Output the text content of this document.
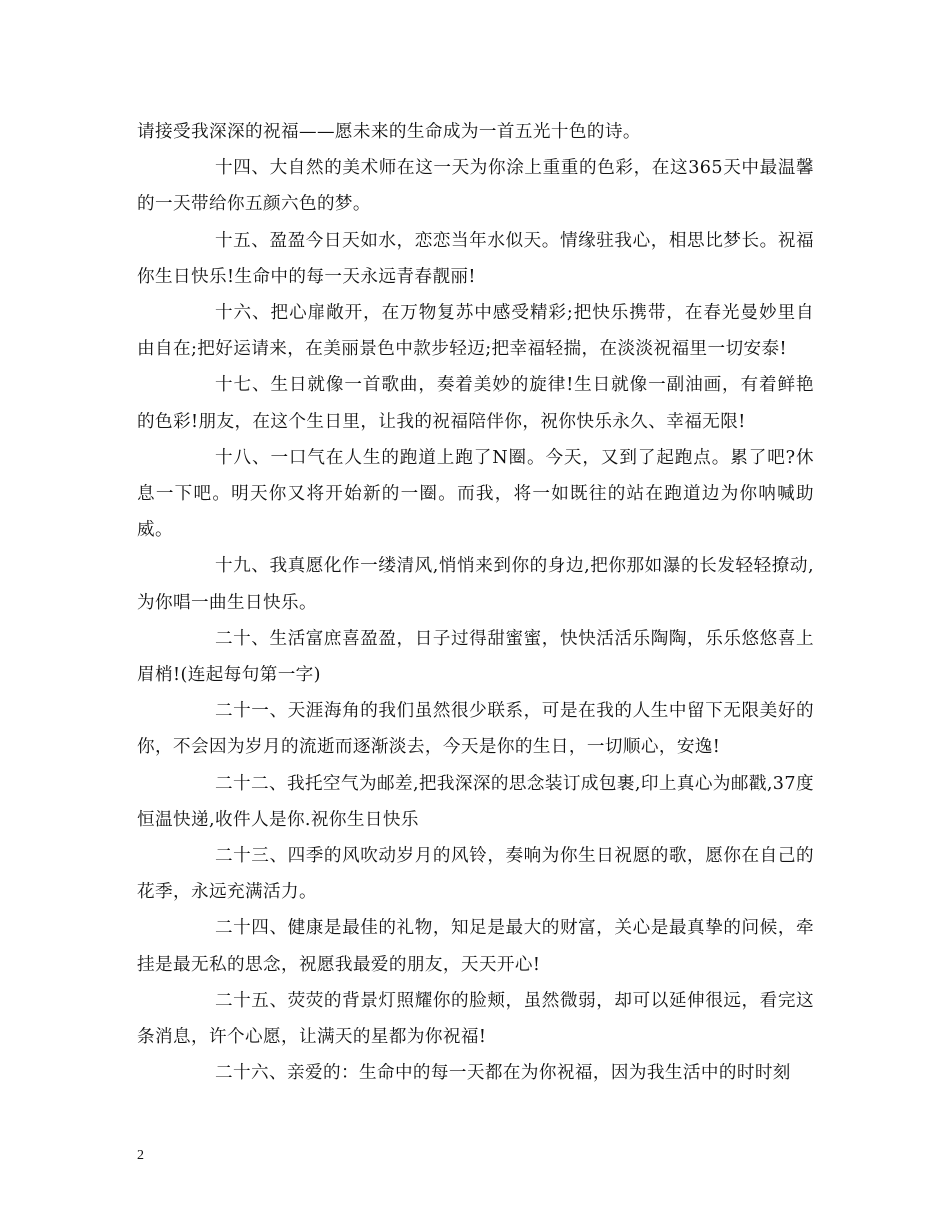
请接受我深深的祝福——愿未来的生命成为一首五光十色的诗。

十四、大自然的美术师在这一天为你涂上重重的色彩，在这365天中最温馨的一天带给你五颜六色的梦。

十五、盈盈今日天如水，恋恋当年水似天。情缘驻我心，相思比梦长。祝福你生日快乐!生命中的每一天永远青春靓丽!

十六、把心扉敞开，在万物复苏中感受精彩;把快乐携带，在春光曼妙里自由自在;把好运请来，在美丽景色中款步轻迈;把幸福轻揣，在淡淡祝福里一切安泰!

十七、生日就像一首歌曲，奏着美妙的旋律!生日就像一副油画，有着鲜艳的色彩!朋友，在这个生日里，让我的祝福陪伴你，祝你快乐永久、幸福无限!

十八、一口气在人生的跑道上跑了N圈。今天，又到了起跑点。累了吧?休息一下吧。明天你又将开始新的一圈。而我，将一如既往的站在跑道边为你呐喊助威。

十九、我真愿化作一缕清风,悄悄来到你的身边,把你那如瀑的长发轻轻撩动,为你唱一曲生日快乐。

二十、生活富庶喜盈盈，日子过得甜蜜蜜，快快活活乐陶陶，乐乐悠悠喜上眉梢!(连起每句第一字)

二十一、天涯海角的我们虽然很少联系，可是在我的人生中留下无限美好的你，不会因为岁月的流逝而逐渐淡去，今天是你的生日，一切顺心，安逸!

二十二、我托空气为邮差,把我深深的思念装订成包裹,印上真心为邮戳,37度恒温快递,收件人是你.祝你生日快乐

二十三、四季的风吹动岁月的风铃，奏响为你生日祝愿的歌，愿你在自己的花季，永远充满活力。

二十四、健康是最佳的礼物，知足是最大的财富，关心是最真挚的问候，牵挂是最无私的思念，祝愿我最爱的朋友，天天开心!

二十五、荧荧的背景灯照耀你的脸颊，虽然微弱，却可以延伸很远，看完这条消息，许个心愿，让满天的星都为你祝福!

二十六、亲爱的：生命中的每一天都在为你祝福，因为我生活中的时时刻

2
